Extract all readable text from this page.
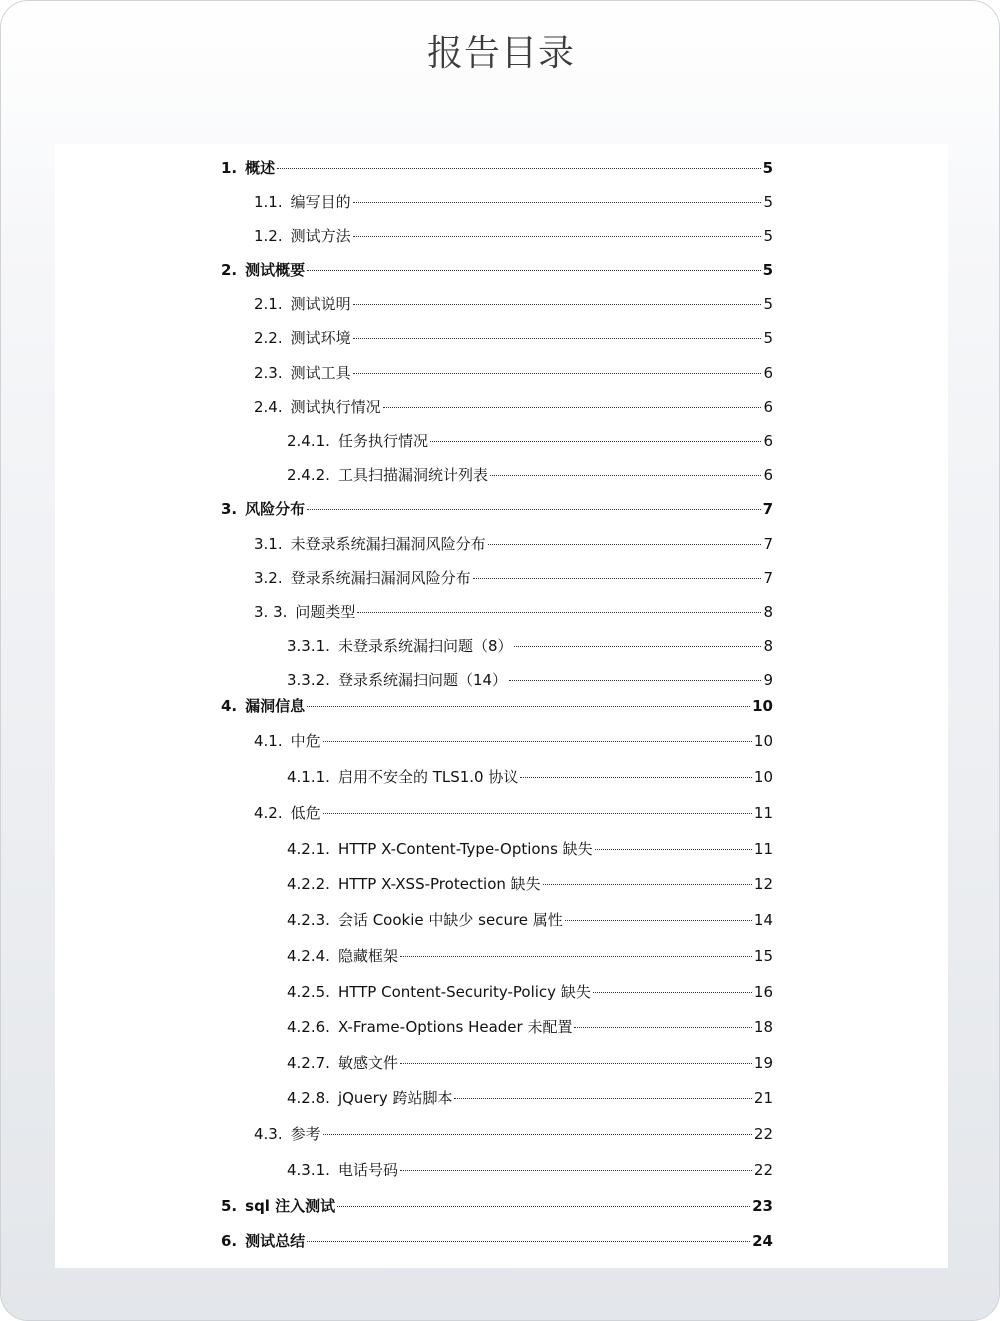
报告目录
1. 概述	5
1.1. 编写目的	5
1.2. 测试方法	5
2. 测试概要	5
2.1. 测试说明	5
2.2. 测试环境	5
2.3. 测试工具	6
2.4. 测试执行情况	6
2.4.1. 任务执行情况	6
2.4.2. 工具扫描漏洞统计列表	6
3. 风险分布	7
3.1. 未登录系统漏扫漏洞风险分布	7
3.2. 登录系统漏扫漏洞风险分布	7
3. 3. 问题类型	8
3.3.1. 未登录系统漏扫问题（8）	8
3.3.2. 登录系统漏扫问题（14）	9
4. 漏洞信息	10
4.1. 中危	10
4.1.1. 启用不安全的 TLS1.0 协议	10
4.2. 低危	11
4.2.1. HTTP X-Content-Type-Options 缺失	11
4.2.2. HTTP X-XSS-Protection 缺失	12
4.2.3. 会话 Cookie 中缺少 secure 属性	14
4.2.4. 隐藏框架	15
4.2.5. HTTP Content-Security-Policy 缺失	16
4.2.6. X-Frame-Options Header 未配置	18
4.2.7. 敏感文件	19
4.2.8. jQuery 跨站脚本	21
4.3. 参考	22
4.3.1. 电话号码	22
5. sql 注入测试	23
6. 测试总结	24
